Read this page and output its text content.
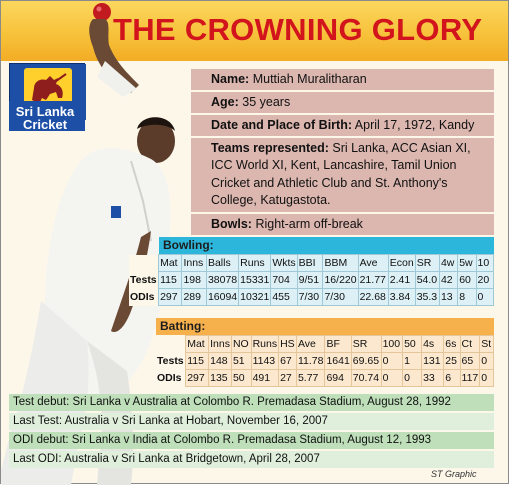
THE CROWNING GLORY
Sri Lanka
Cricket
Name: Muttiah Muralitharan
Age: 35 years
Date and Place of Birth: April 17, 1972, Kandy
Teams represented: Sri Lanka, ACC Asian XI,
ICC World XI, Kent, Lancashire, Tamil Union
Cricket and Athletic Club and St. Anthony's
College, Katugastota.
Bowls: Right-arm off-break
Bowling:
	Mat	Inns	Balls	Runs	Wkts	BBI	BBM	Ave	Econ	SR	4w	5w	10
Tests	115	198	38078	15331	704	9/51	16/220	21.77	2.41	54.0	42	60	20
ODIs	297	289	16094	10321	455	7/30	7/30	22.68	3.84	35.3	13	8	0
Batting:
	Mat	Inns	NO	Runs	HS	Ave	BF	SR	100	50	4s	6s	Ct	St
Tests	115	148	51	1143	67	11.78	1641	69.65	0	1	131	25	65	0
ODIs	297	135	50	491	27	5.77	694	70.74	0	0	33	6	117	0
Test debut: Sri Lanka v Australia at Colombo R. Premadasa Stadium, August 28, 1992
Last Test: Australia v Sri Lanka at Hobart, November 16, 2007
ODI debut: Sri Lanka v India at Colombo R. Premadasa Stadium, August 12, 1993
Last ODI: Australia v Sri Lanka at Bridgetown, April 28, 2007
ST Graphic
